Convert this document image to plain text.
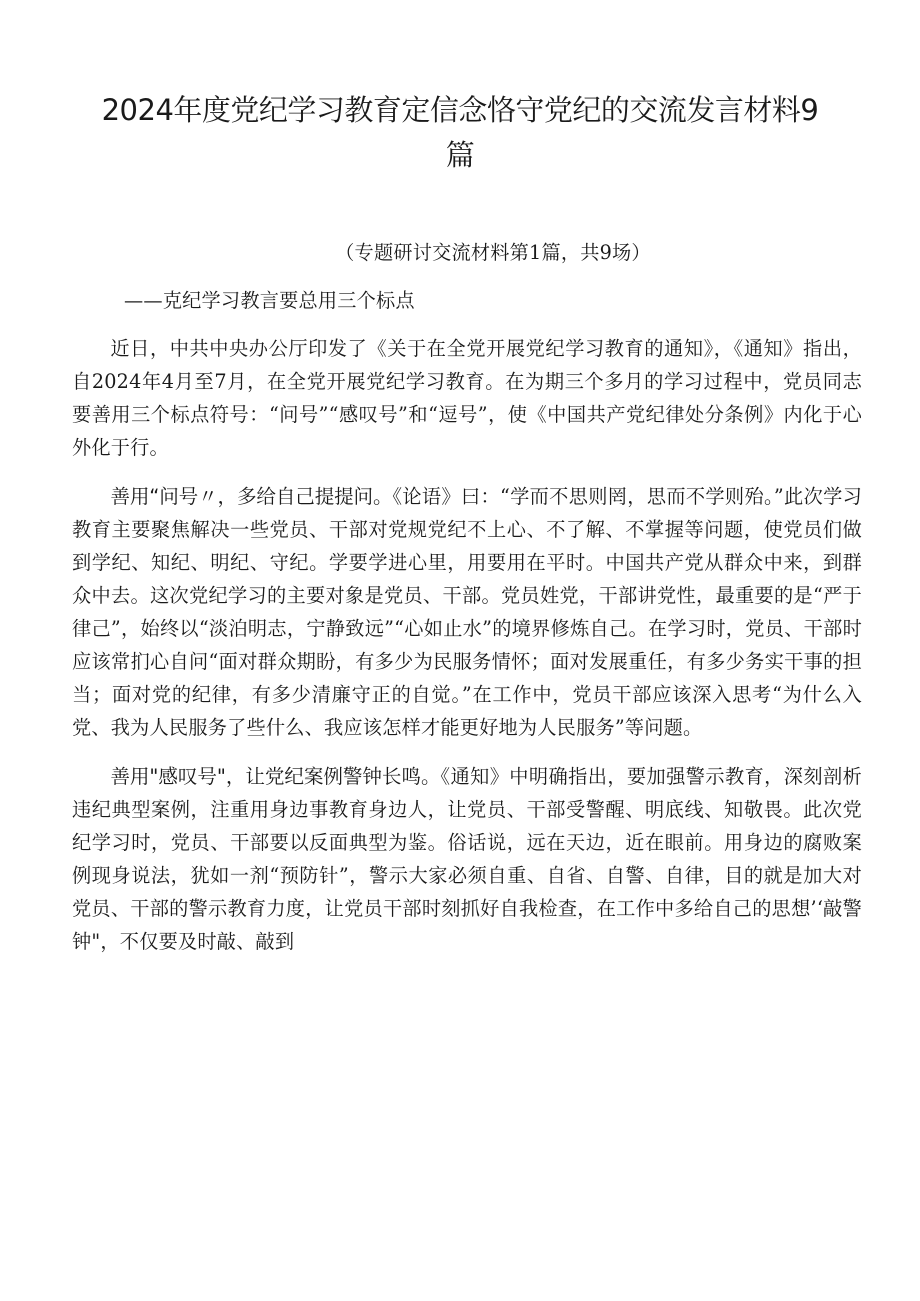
2024年度党纪学习教育定信念恪守党纪的交流发言材料9篇

（专题研讨交流材料第1篇，共9场）

——克纪学习教言要总用三个标点

近日，中共中央办公厅印发了《关于在全党开展党纪学习教育的通知》，《通知》指出，自2024年4月至7月，在全党开展党纪学习教育。在为期三个多月的学习过程中，党员同志要善用三个标点符号：“问号”“感叹号”和“逗号”，使《中国共产党纪律处分条例》内化于心外化于行。

善用“问号〃，多给自己提提问。《论语》曰：“学而不思则罔，思而不学则殆。”此次学习教育主要聚焦解决一些党员、干部对党规党纪不上心、不了解、不掌握等问题，使党员们做到学纪、知纪、明纪、守纪。学要学进心里，用要用在平时。中国共产党从群众中来，到群众中去。这次党纪学习的主要对象是党员、干部。党员姓党，干部讲党性，最重要的是“严于律己”，始终以“淡泊明志，宁静致远”“心如止水”的境界修炼自己。在学习时，党员、干部时应该常扪心自问“面对群众期盼，有多少为民服务情怀；面对发展重任，有多少务实干事的担当；面对党的纪律，有多少清廉守正的自觉。”在工作中，党员干部应该深入思考“为什么入党、我为人民服务了些什么、我应该怎样才能更好地为人民服务”等问题。

善用"感叹号"，让党纪案例警钟长鸣。《通知》中明确指出，要加强警示教育，深刻剖析违纪典型案例，注重用身边事教育身边人，让党员、干部受警醒、明底线、知敬畏。此次党纪学习时，党员、干部要以反面典型为鉴。俗话说，远在天边，近在眼前。用身边的腐败案例现身说法，犹如一剂“预防针”，警示大家必须自重、自省、自警、自律，目的就是加大对党员、干部的警示教育力度，让党员干部时刻抓好自我检查，在工作中多给自己的思想’‘敲警钟"，不仅要及时敲、敲到
